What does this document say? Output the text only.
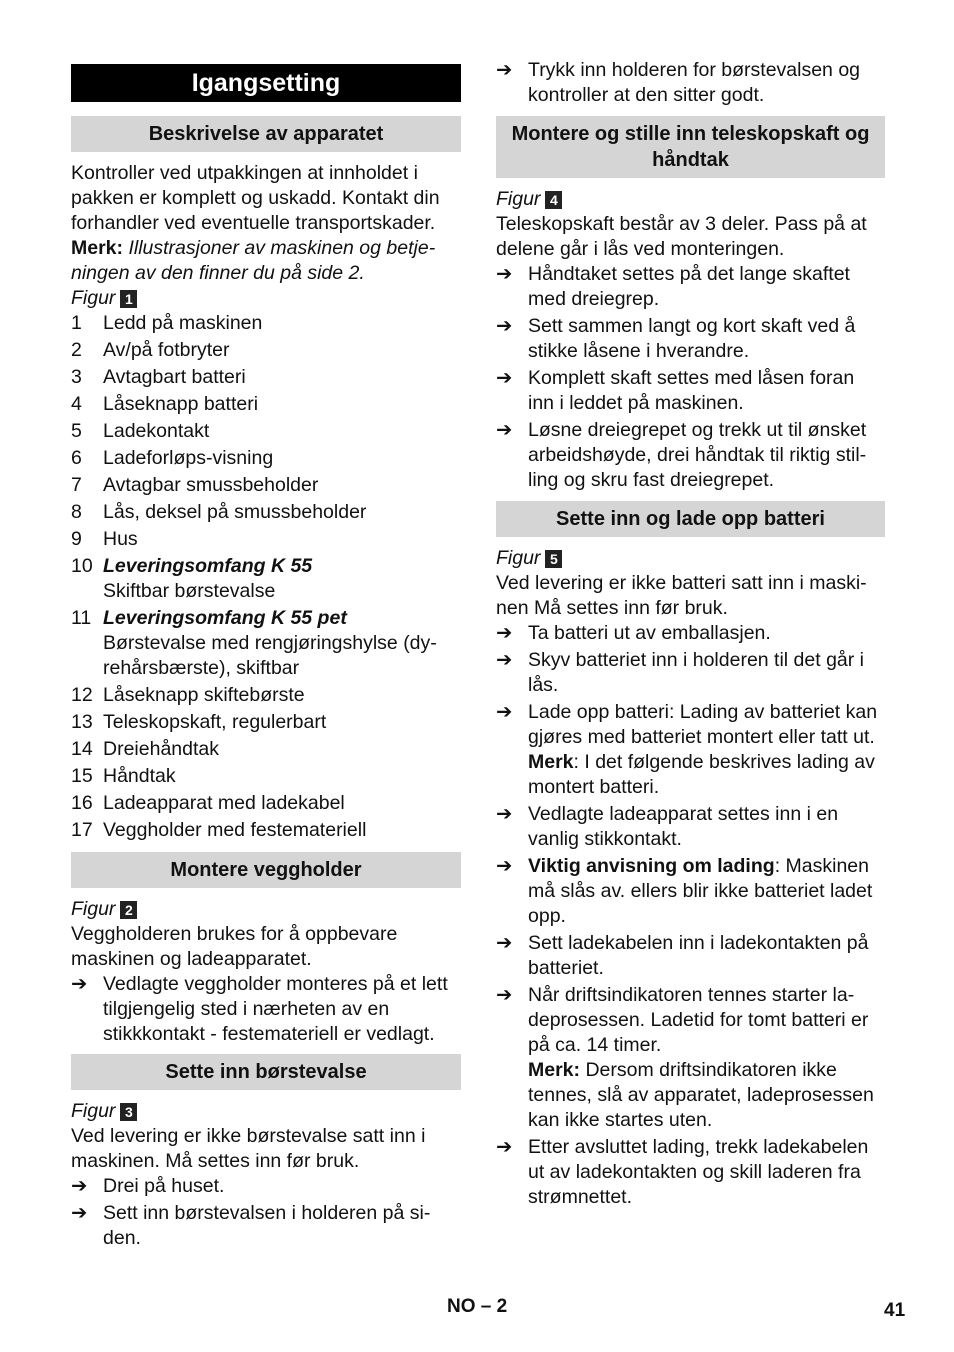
Igangsetting
Beskrivelse av apparatet

Kontroller ved utpakkingen at innholdet i pakken er komplett og uskadd. Kontakt din forhandler ved eventuelle transportskader.

Merk: Illustrasjoner av maskinen og betjeningen av den finner du på side 2.

Figur 1

1	Ledd på maskinen
2	Av/på fotbryter
3	Avtagbart batteri
4	Låseknapp batteri
5	Ladekontakt
6	Ladeforløps-visning
7	Avtagbar smussbeholder
8	Lås, deksel på smussbeholder
9	Hus
10 Leveringsomfang K 55
Skiftbar børstevalse
11 Leveringsomfang K 55 pet
Børstevalse med rengjøringshylse (dyrehårsbærste), skiftbar
12 Låseknapp skiftebørste
13 Teleskopskaft, regulerbart
14 Dreiehåndtak
15 Håndtak
16 Ladeapparat med ladekabel
17 Veggholder med festemateriell
Montere veggholder

Figur 2

Veggholderen brukes for å oppbevare maskinen og ladeapparatet.

➔ Vedlagte veggholder monteres på et lett tilgjengelig sted i nærheten av en stikkkontakt - festemateriell er vedlagt.
Sette inn børstevalse

Figur 3

Ved levering er ikke børstevalse satt inn i maskinen. Må settes inn før bruk.

➔ Drei på huset.
➔ Sett inn børstevalsen i holderen på siden.
➔ Trykk inn holderen for børstevalsen og kontroller at den sitter godt.
Montere og stille inn teleskopskaft og håndtak

Figur 4

Teleskopskaft består av 3 deler. Pass på at delene går i lås ved monteringen.

➔ Håndtaket settes på det lange skaftet med dreiegrep.
➔ Sett sammen langt og kort skaft ved å stikke låsene i hverandre.
➔ Komplett skaft settes med låsen foran inn i leddet på maskinen.
➔ Løsne dreiegrepet og trekk ut til ønsket arbeidshøyde, drei håndtak til riktig stilling og skru fast dreiegrepet.
Sette inn og lade opp batteri

Figur 5

Ved levering er ikke batteri satt inn i maskinen Må settes inn før bruk.

➔ Ta batteri ut av emballasjen.
➔ Skyv batteriet inn i holderen til det går i lås.
➔ Lade opp batteri: Lading av batteriet kan gjøres med batteriet montert eller tatt ut. Merk: I det følgende beskrives lading av montert batteri.
➔ Vedlagte ladeapparat settes inn i en vanlig stikkontakt.
➔ Viktig anvisning om lading: Maskinen må slås av. ellers blir ikke batteriet ladet opp.
➔ Sett ladekabelen inn i ladekontakten på batteriet.
➔ Når driftsindikatoren tennes starter ladeprosessen. Ladetid for tomt batteri er på ca. 14 timer.
Merk: Dersom driftsindikatoren ikke tennes, slå av apparatet, ladeprosessen kan ikke startes uten.
➔ Etter avsluttet lading, trekk ladekabelen ut av ladekontakten og skill laderen fra strømnettet.
NO – 2	41
